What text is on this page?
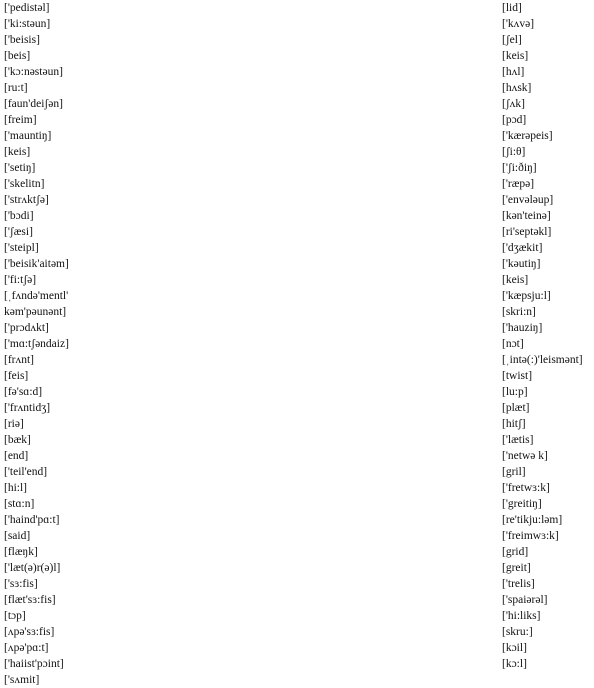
['pedistəl]
['ki:stəun]
['beisis]
[beis]
['kɔ:nəstəun]
[ru:t]
[faun'deiʃən]
[freim]
['mauntiŋ]
[keis]
['setiŋ]
['skelitn]
['strʌktʃə]
['bɔdi]
['ʃæsi]
['steipl]
['beisik'aitəm]
['fi:tʃə]
[ˌfʌndə'mentl'
kəm'pəunənt]
['prɔdʌkt]
['mɑ:tʃəndaiz]
[frʌnt]
[feis]
[fə'sɑ:d]
['frʌntidʒ]
[riə]
[bæk]
[end]
['teil'end]
[hi:l]
[stɑ:n]
['haind'pɑ:t]
[said]
[flæŋk]
['læt(ə)r(ə)l]
['sɜ:fis]
[flæt'sɜ:fis]
[tɔp]
[ʌpə'sɜ:fis]
[ʌpə'pɑ:t]
['haiist'pɔint]
['sʌmit]
[lid]
['kʌvə]
[ʃel]
[keis]
[hʌl]
[hʌsk]
[ʃʌk]
[pɔd]
['kærəpeis]
[ʃi:θ]
['ʃi:ðiŋ]
['ræpə]
['envələup]
[kən'teinə]
[ri'septəkl]
['dʒækit]
['kəutiŋ]
[keis]
['kæpsju:l]
[skri:n]
['hauziŋ]
[nɔt]
[ˌintə(:)'leismənt]
[twist]
[lu:p]
[plæt]
[hitʃ]
['lætis]
['netwə k]
[gril]
['fretwɜ:k]
['greitiŋ]
[re'tikju:ləm]
['freimwɜ:k]
[grid]
[greit]
['trelis]
['spaiərəl]
['hi:liks]
[skru:]
[kɔil]
[kɔ:l]
